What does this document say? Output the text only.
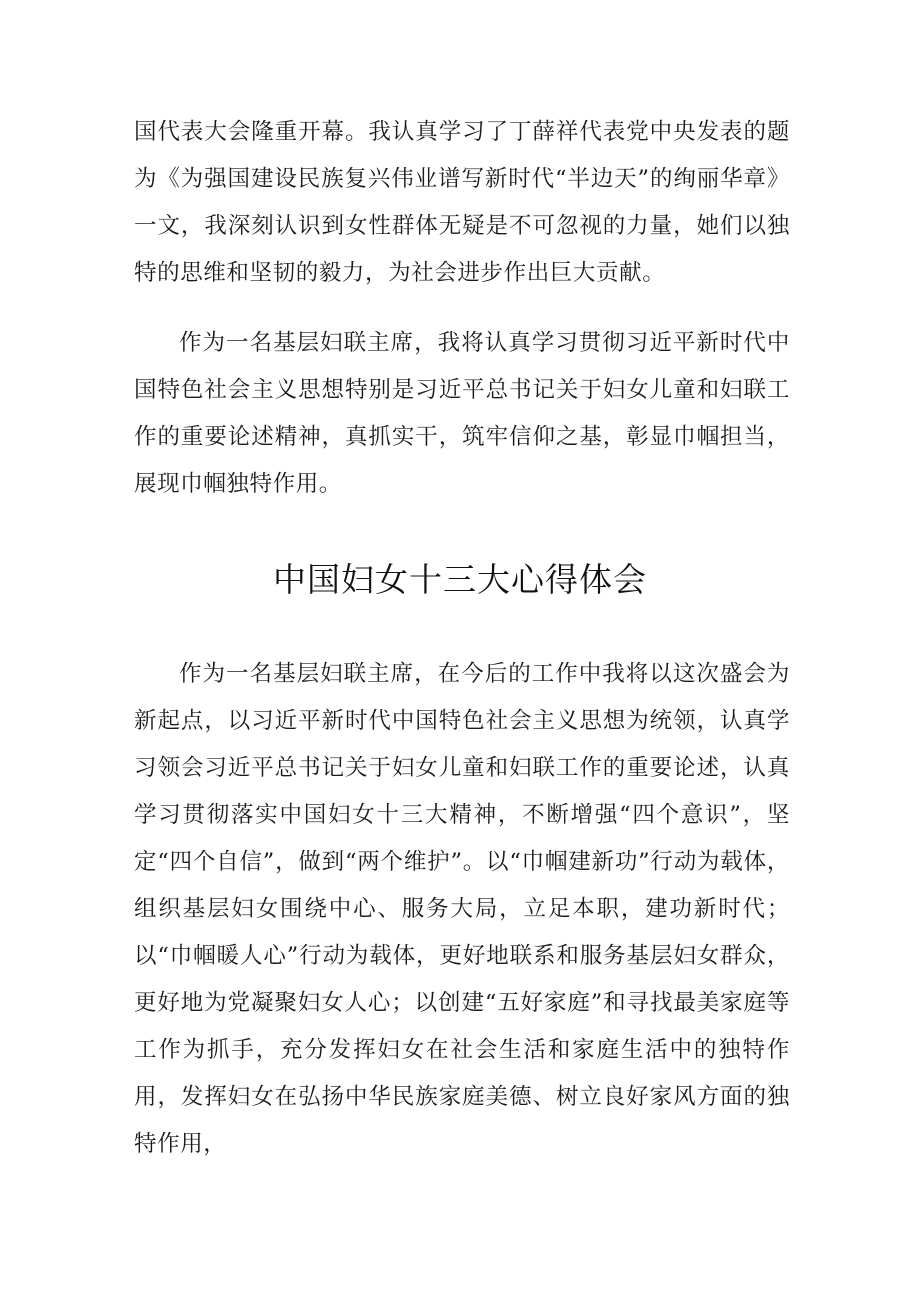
国代表大会隆重开幕。我认真学习了丁薛祥代表党中央发表的题为《为强国建设民族复兴伟业谱写新时代“半边天”的绚丽华章》一文，我深刻认识到女性群体无疑是不可忽视的力量，她们以独特的思维和坚韧的毅力，为社会进步作出巨大贡献。

作为一名基层妇联主席，我将认真学习贯彻习近平新时代中国特色社会主义思想特别是习近平总书记关于妇女儿童和妇联工作的重要论述精神，真抓实干，筑牢信仰之基，彰显巾帼担当，展现巾帼独特作用。

中国妇女十三大心得体会

作为一名基层妇联主席，在今后的工作中我将以这次盛会为新起点，以习近平新时代中国特色社会主义思想为统领，认真学习领会习近平总书记关于妇女儿童和妇联工作的重要论述，认真学习贯彻落实中国妇女十三大精神，不断增强“四个意识”，坚定“四个自信”，做到“两个维护”。以“巾帼建新功”行动为载体，组织基层妇女围绕中心、服务大局，立足本职，建功新时代；以“巾帼暖人心”行动为载体，更好地联系和服务基层妇女群众，更好地为党凝聚妇女人心；以创建“五好家庭”和寻找最美家庭等工作为抓手，充分发挥妇女在社会生活和家庭生活中的独特作用，发挥妇女在弘扬中华民族家庭美德、树立良好家风方面的独特作用，
